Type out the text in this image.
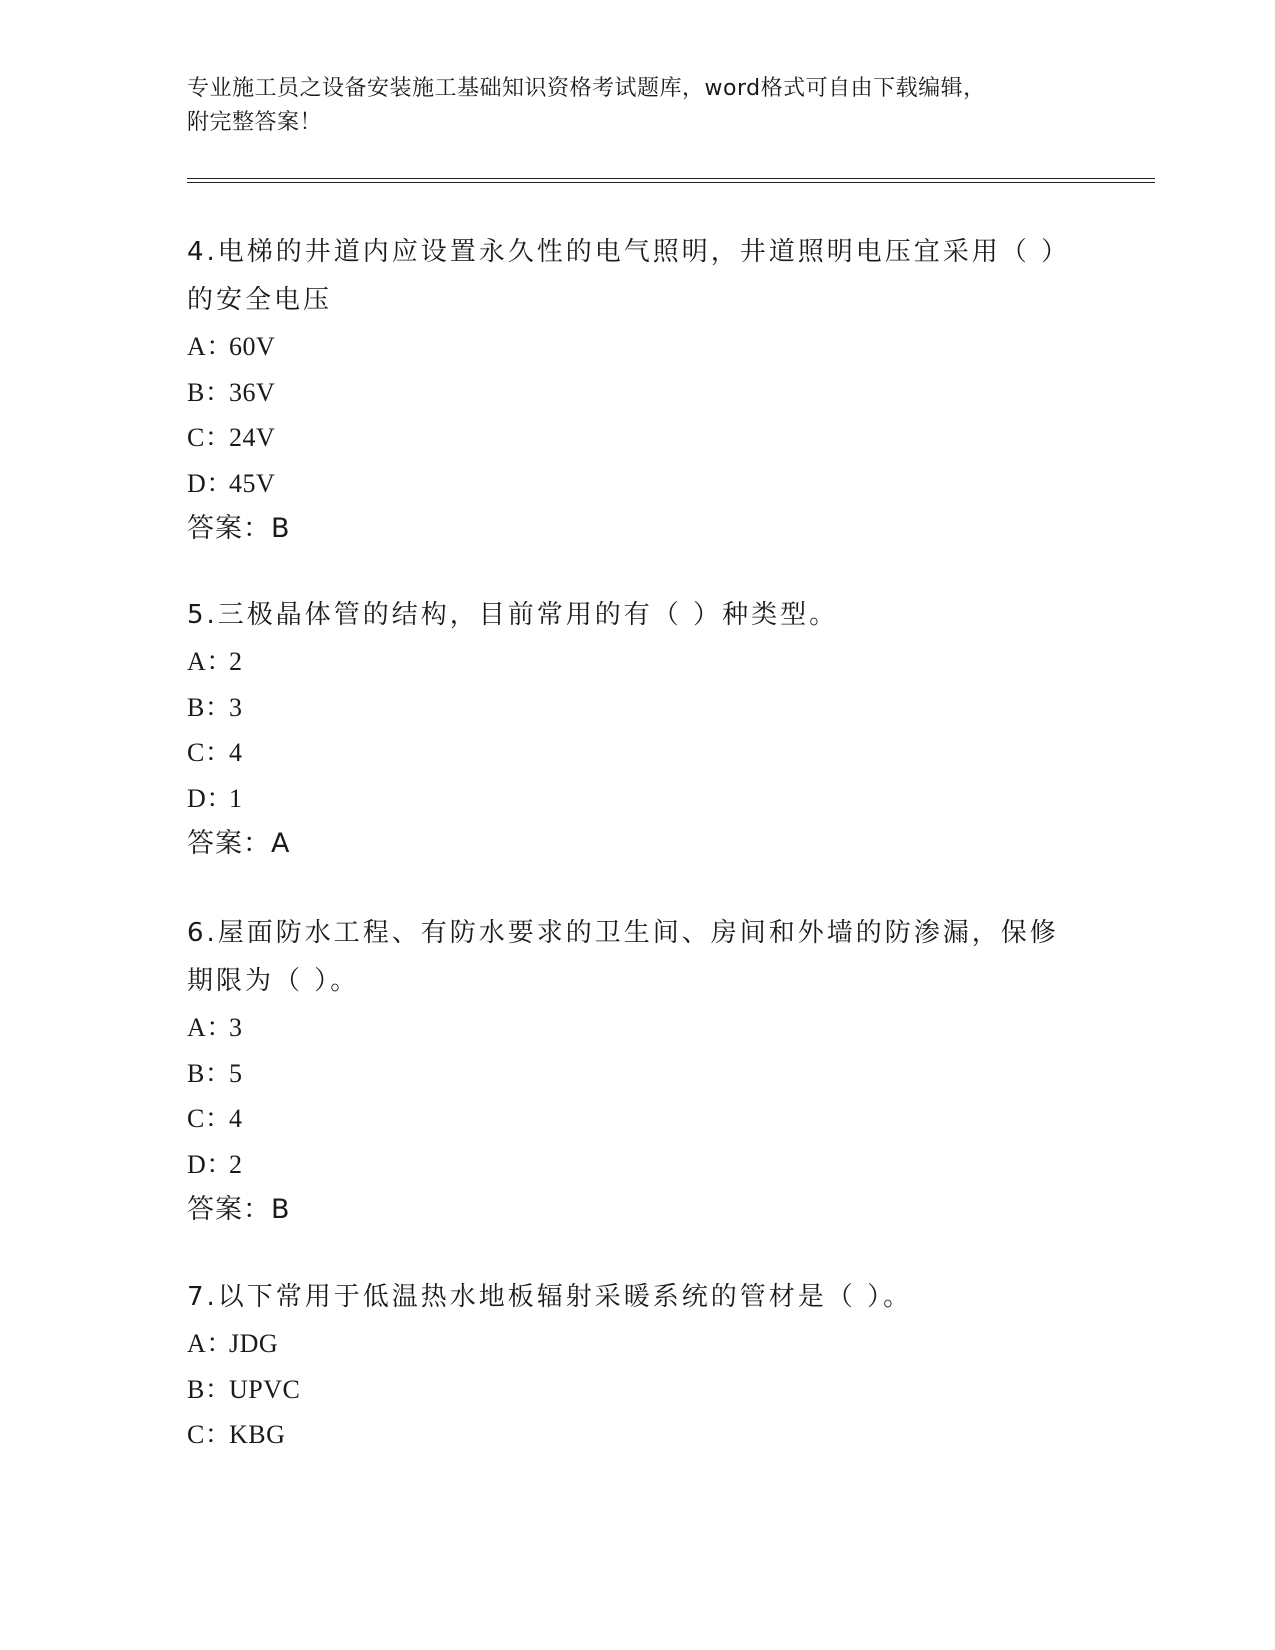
专业施工员之设备安装施工基础知识资格考试题库，word格式可自由下载编辑，
附完整答案！

4.电梯的井道内应设置永久性的电气照明，井道照明电压宜采用（ ）

的安全电压

A：60V

B：36V

C：24V

D：45V

答案：B

5.三极晶体管的结构，目前常用的有（ ）种类型。

A：2

B：3

C：4

D：1

答案：A

6.屋面防水工程、有防水要求的卫生间、房间和外墙的防渗漏，保修

期限为（ ）。

A：3

B：5

C：4

D：2

答案：B

7.以下常用于低温热水地板辐射采暖系统的管材是（ ）。

A：JDG

B：UPVC

C：KBG
